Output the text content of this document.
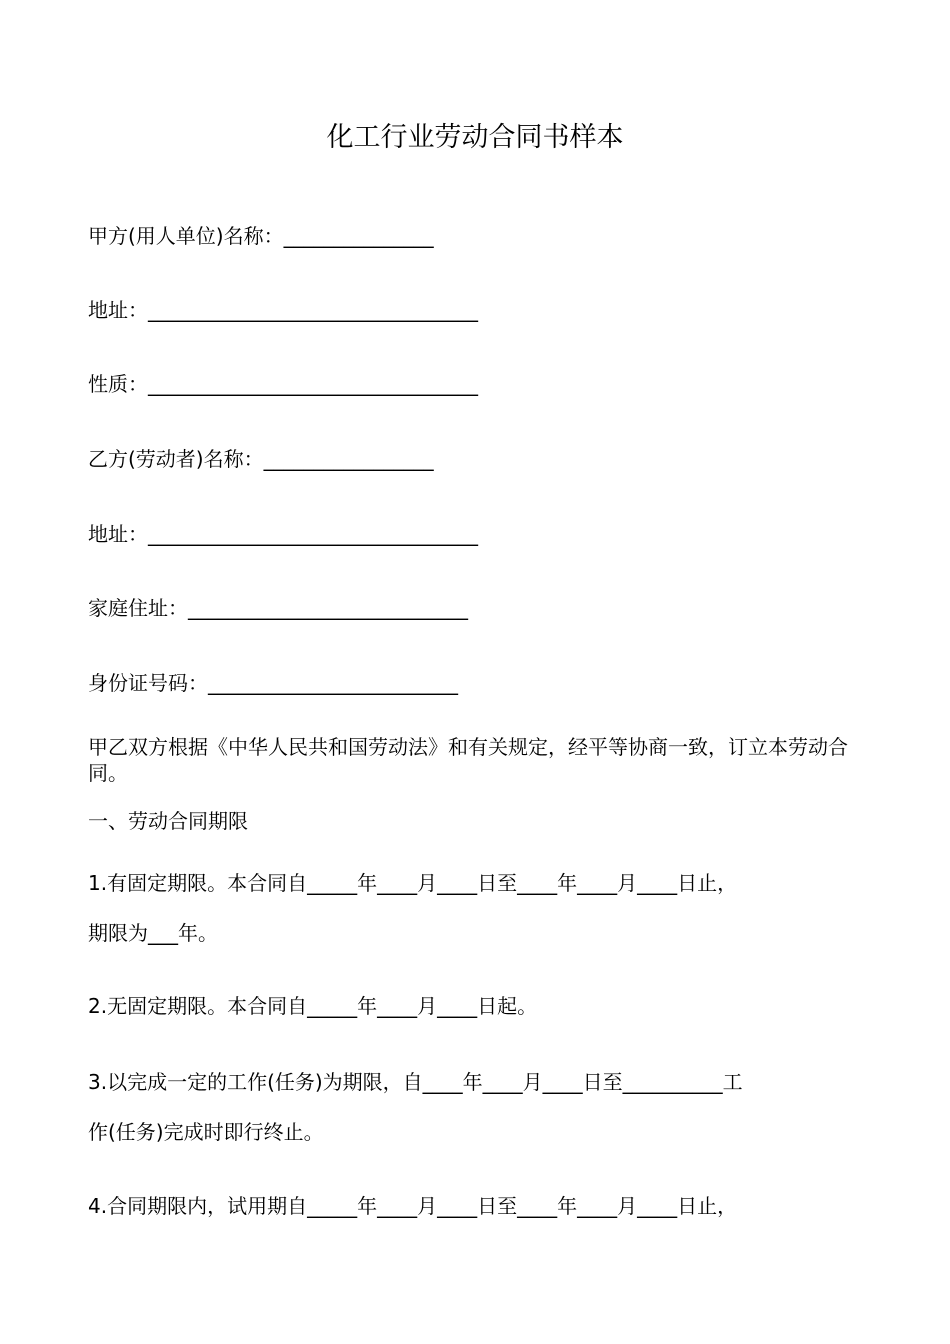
化工行业劳动合同书样本
甲方(用人单位)名称：_______________
地址：_________________________________
性质：_________________________________
乙方(劳动者)名称：_________________
地址：_________________________________
家庭住址：____________________________
身份证号码：_________________________
甲乙双方根据《中华人民共和国劳动法》和有关规定，经平等协商一致，订立本劳动合同。
一、劳动合同期限
1.有固定期限。本合同自_____年____月____日至____年____月____日止，
期限为___年。
2.无固定期限。本合同自_____年____月____日起。
3.以完成一定的工作(任务)为期限，自____年____月____日至__________工
作(任务)完成时即行终止。
4.合同期限内，试用期自_____年____月____日至____年____月____日止，
